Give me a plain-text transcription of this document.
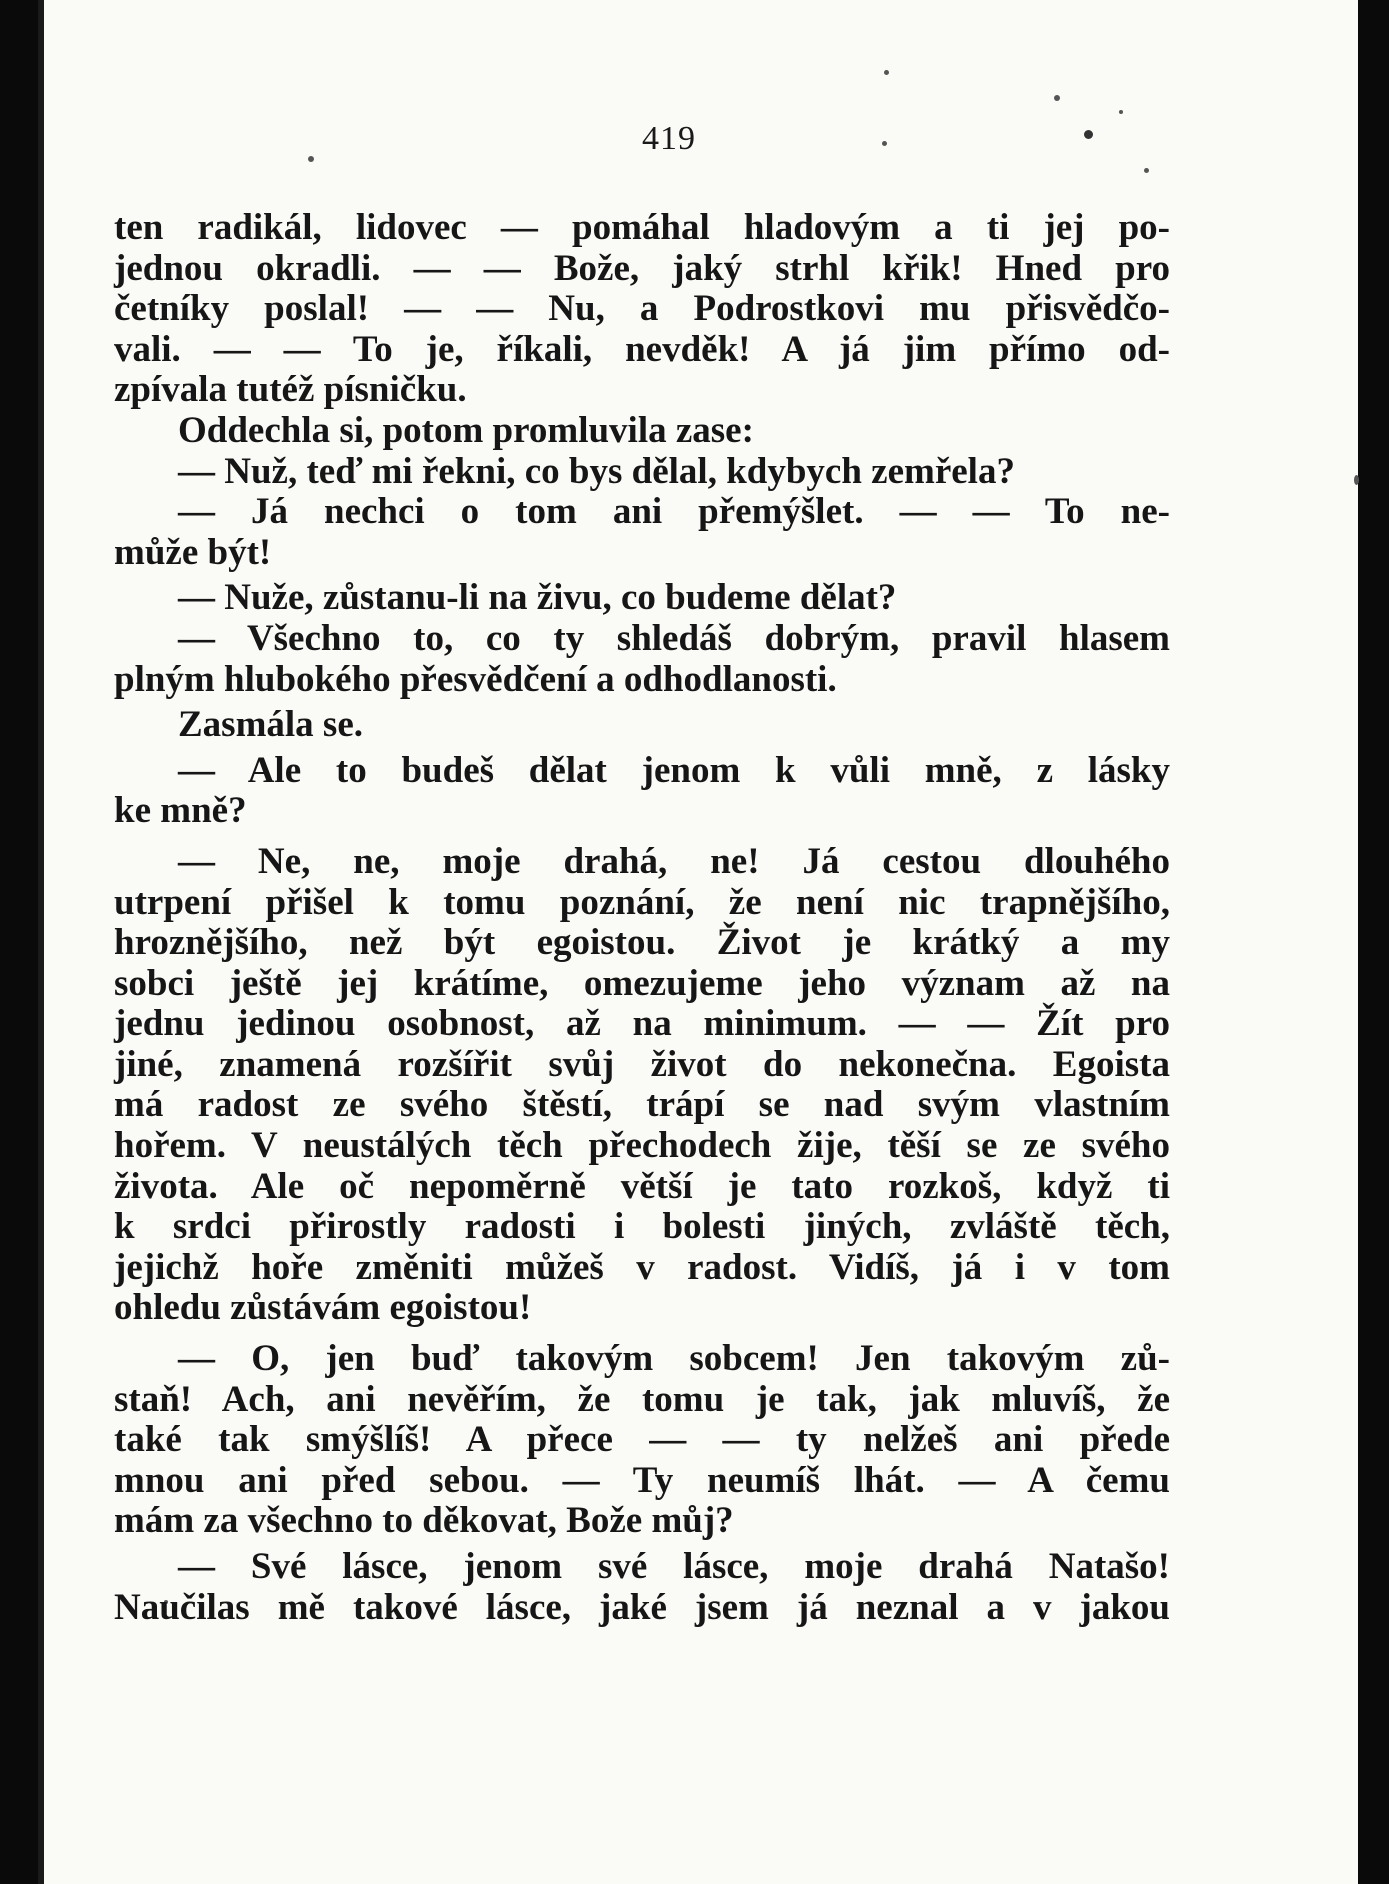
419
ten radikál, lidovec — pomáhal hladovým a ti jej po-
jednou okradli. — — Bože, jaký strhl křik! Hned pro
četníky poslal! — — Nu, a Podrostkovi mu přisvědčo-
vali. — — To je, říkali, nevděk! A já jim přímo od-
zpívala tutéž písničku.
Oddechla si, potom promluvila zase:
— Nuž, teď mi řekni, co bys dělal, kdybych zemřela?
— Já nechci o tom ani přemýšlet. — — To ne-
může být!
— Nuže, zůstanu-li na živu, co budeme dělat?
— Všechno to, co ty shledáš dobrým, pravil hlasem
plným hlubokého přesvědčení a odhodlanosti.
Zasmála se.
— Ale to budeš dělat jenom k vůli mně, z lásky
ke mně?
— Ne, ne, moje drahá, ne! Já cestou dlouhého
utrpení přišel k tomu poznání, že není nic trapnějšího,
hroznějšího, než být egoistou. Život je krátký a my
sobci ještě jej krátíme, omezujeme jeho význam až na
jednu jedinou osobnost, až na minimum. — — Žít pro
jiné, znamená rozšířit svůj život do nekonečna. Egoista
má radost ze svého štěstí, trápí se nad svým vlastním
hořem. V neustálých těch přechodech žije, těší se ze svého
života. Ale oč nepoměrně větší je tato rozkoš, když ti
k srdci přirostly radosti i bolesti jiných, zvláště těch,
jejichž hoře změniti můžeš v radost. Vidíš, já i v tom
ohledu zůstávám egoistou!
— O, jen buď takovým sobcem! Jen takovým zů-
staň! Ach, ani nevěřím, že tomu je tak, jak mluvíš, že
také tak smýšlíš! A přece — — ty nelžeš ani přede
mnou ani před sebou. — Ty neumíš lhát. — A čemu
mám za všechno to děkovat, Bože můj?
— Své lásce, jenom své lásce, moje drahá Natašo!
Naučilas mě takové lásce, jaké jsem já neznal a v jakou
